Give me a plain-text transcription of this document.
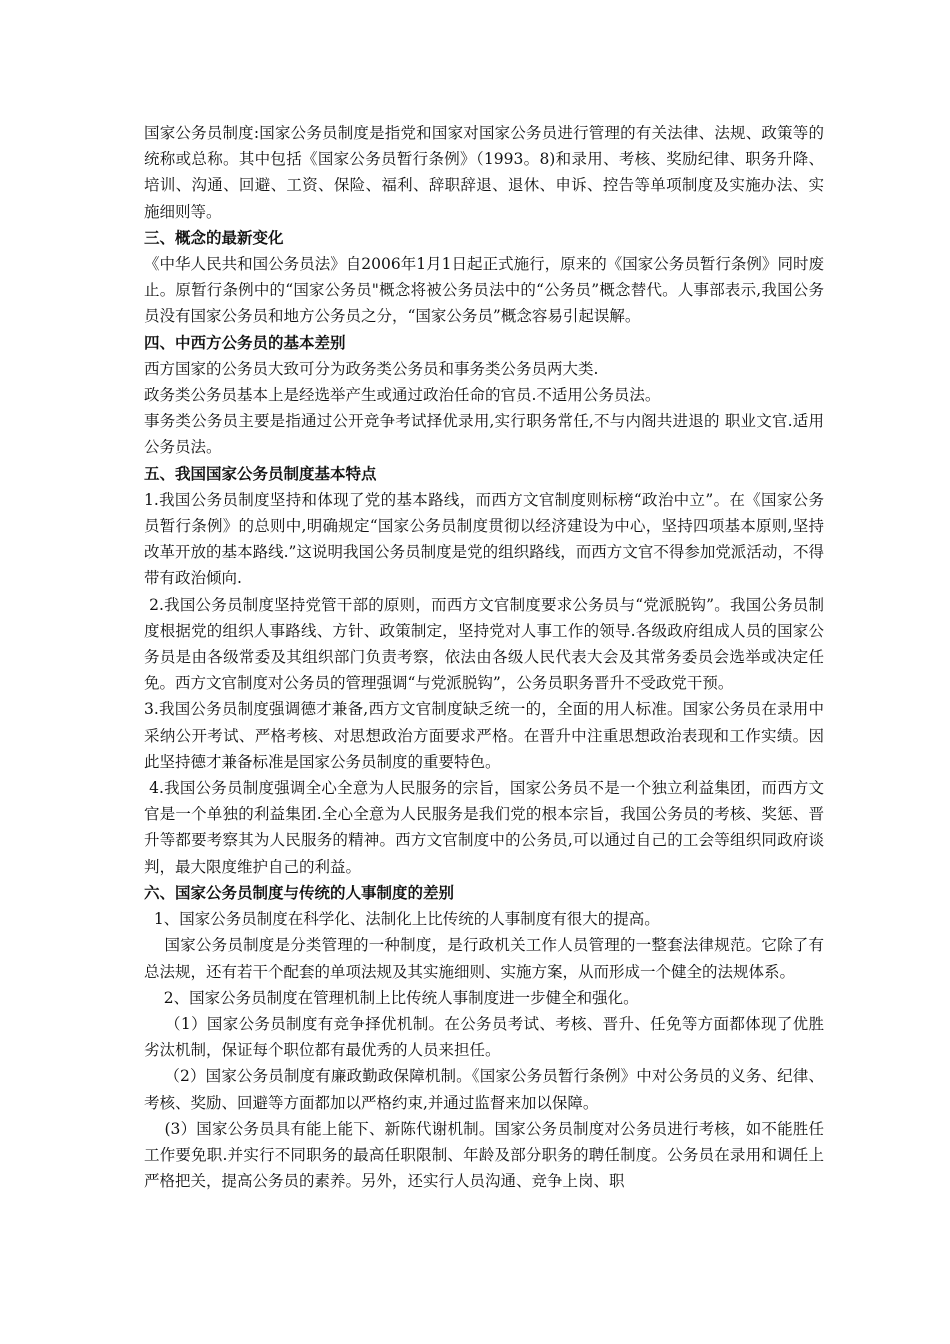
国家公务员制度:国家公务员制度是指党和国家对国家公务员进行管理的有关法律、法规、政策等的统称或总称。其中包括《国家公务员暂行条例》（1993。8)和录用、考核、奖励纪律、职务升降、培训、沟通、回避、工资、保险、福利、辞职辞退、退休、申诉、控告等单项制度及实施办法、实施细则等。

三、概念的最新变化

《中华人民共和国公务员法》自2006年1月1日起正式施行，原来的《国家公务员暂行条例》同时废止。原暂行条例中的“国家公务员"概念将被公务员法中的“公务员”概念替代。人事部表示,我国公务员没有国家公务员和地方公务员之分，“国家公务员”概念容易引起误解。

四、中西方公务员的基本差别

西方国家的公务员大致可分为政务类公务员和事务类公务员两大类.

政务类公务员基本上是经选举产生或通过政治任命的官员.不适用公务员法。

事务类公务员主要是指通过公开竞争考试择优录用,实行职务常任,不与内阁共进退的 职业文官.适用公务员法。

五、我国国家公务员制度基本特点

1.我国公务员制度坚持和体现了党的基本路线，而西方文官制度则标榜“政治中立”。在《国家公务员暂行条例》的总则中,明确规定“国家公务员制度贯彻以经济建设为中心，坚持四项基本原则,坚持改革开放的基本路线.”这说明我国公务员制度是党的组织路线，而西方文官不得参加党派活动，不得带有政治倾向.

2.我国公务员制度坚持党管干部的原则，而西方文官制度要求公务员与“党派脱钩”。我国公务员制度根据党的组织人事路线、方针、政策制定，坚持党对人事工作的领导.各级政府组成人员的国家公务员是由各级常委及其组织部门负责考察，依法由各级人民代表大会及其常务委员会选举或决定任免。西方文官制度对公务员的管理强调“与党派脱钩”，公务员职务晋升不受政党干预。

3.我国公务员制度强调德才兼备,西方文官制度缺乏统一的，全面的用人标准。国家公务员在录用中采纳公开考试、严格考核、对思想政治方面要求严格。在晋升中注重思想政治表现和工作实绩。因此坚持德才兼备标准是国家公务员制度的重要特色。

4.我国公务员制度强调全心全意为人民服务的宗旨，国家公务员不是一个独立利益集团，而西方文官是一个单独的利益集团.全心全意为人民服务是我们党的根本宗旨，我国公务员的考核、奖惩、晋升等都要考察其为人民服务的精神。西方文官制度中的公务员,可以通过自己的工会等组织同政府谈判，最大限度维护自己的利益。

六、国家公务员制度与传统的人事制度的差别

1、国家公务员制度在科学化、法制化上比传统的人事制度有很大的提高。

国家公务员制度是分类管理的一种制度，是行政机关工作人员管理的一整套法律规范。它除了有总法规，还有若干个配套的单项法规及其实施细则、实施方案，从而形成一个健全的法规体系。

2、国家公务员制度在管理机制上比传统人事制度进一步健全和强化。

（1）国家公务员制度有竞争择优机制。在公务员考试、考核、晋升、任免等方面都体现了优胜劣汰机制，保证每个职位都有最优秀的人员来担任。

（2）国家公务员制度有廉政勤政保障机制。《国家公务员暂行条例》中对公务员的义务、纪律、考核、奖励、回避等方面都加以严格约束,并通过监督来加以保障。

(3）国家公务员具有能上能下、新陈代谢机制。国家公务员制度对公务员进行考核，如不能胜任工作要免职.并实行不同职务的最高任职限制、年龄及部分职务的聘任制度。公务员在录用和调任上严格把关，提高公务员的素养。另外，还实行人员沟通、竞争上岗、职
